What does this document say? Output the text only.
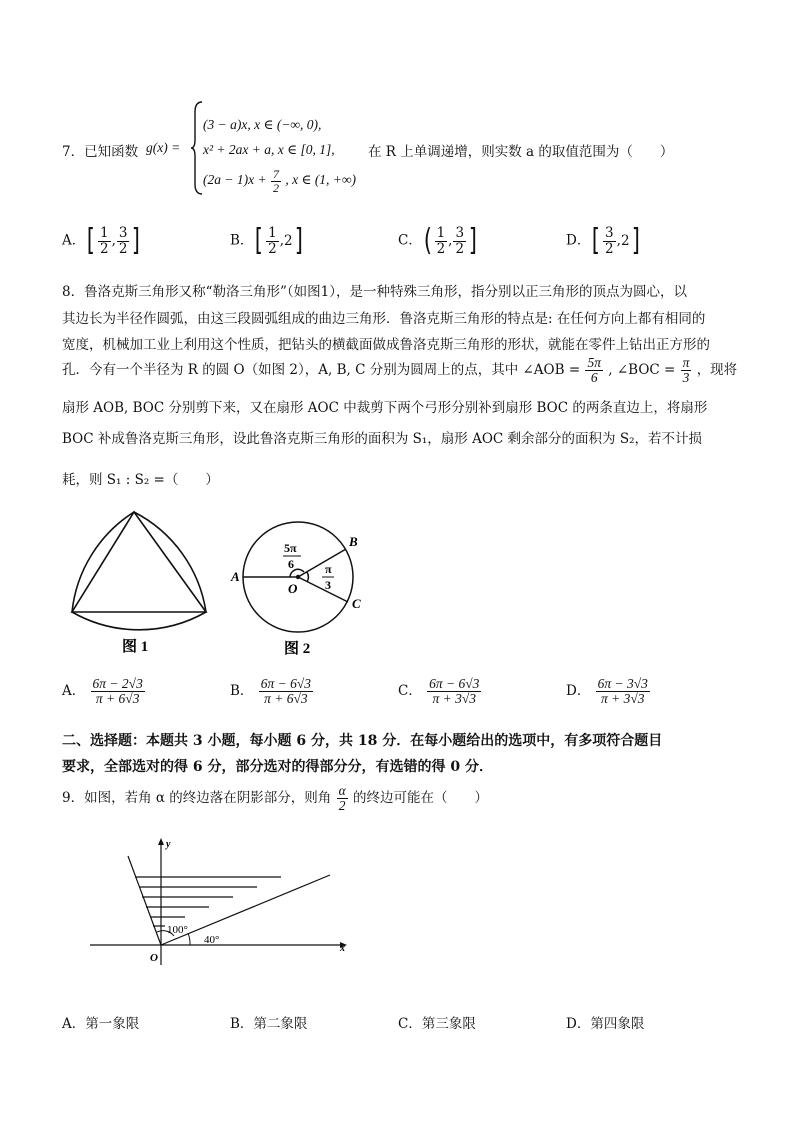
7．已知函数 g(x) =
(3 − a)x, x ∈ (−∞, 0),
x² + 2ax + a, x ∈ [0, 1],
$(2a - 1)x + \frac{7}{2}$ , x ∈ (1, +∞)
在 R 上单调递增，则实数 a 的取值范围为（　　）
A．[ $\frac{1}{2}$ , $\frac{3}{2}$ ]	B．[ $\frac{1}{2} ,2$]	C．( $\frac{1}{2}$ , $\frac{3}{2}$ ]	D．[ $\frac{3}{2} ,2$]
8．鲁洛克斯三角形又称“勒洛三角形”（如图1），是一种特殊三角形，指分别以正三角形的顶点为圆心，以
其边长为半径作圆弧，由这三段圆弧组成的曲边三角形．鲁洛克斯三角形的特点是: 在任何方向上都有相同的
宽度，机械加工业上利用这个性质，把钻头的横截面做成鲁洛克斯三角形的形状，就能在零件上钻出正方形的
孔．今有一个半径为 R 的圆 O（如图 2），A, B, C 分别为圆周上的点，其中 ∠AOB = $\frac{5\pi}{6}$ , ∠BOC = $\frac{\pi}{3}$ ，现将
扇形 AOB, BOC 分别剪下来，又在扇形 AOC 中裁剪下两个弓形分别补到扇形 BOC 的两条直边上，将扇形
BOC 补成鲁洛克斯三角形，设此鲁洛克斯三角形的面积为 S₁，扇形 AOC 剩余部分的面积为 S₂，若不计损
耗，则 S₁ : S₂ =（　　）
图 1
A
B
C
O
5π
6	π
3
图 2
A． $\frac{6\pi - 2√3}{\pi + 6√3}$	B． $\frac{6\pi - 6√3}{\pi + 6√3}$	C． $\frac{6\pi - 6√3}{\pi + 3√3}$	D． $\frac{6\pi - 3√3}{\pi + 3√3}$
二、选择题：本题共 3 小题，每小题 6 分，共 18 分．在每小题给出的选项中，有多项符合题目
要求，全部选对的得 6 分，部分选对的得部分分，有选错的得 0 分．
9．如图，若角 α 的终边落在阴影部分，则角 $\frac{\alpha}{2}$ 的终边可能在（　　）
y
x
O
100°
40°
A．第一象限	B．第二象限	C．第三象限	D．第四象限
